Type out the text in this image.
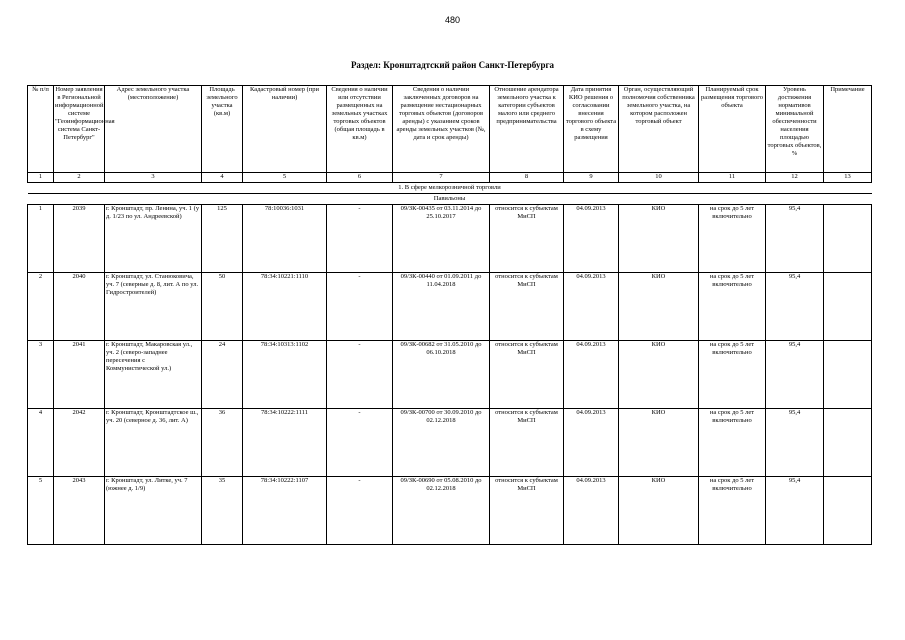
480
Раздел: Кронштадтский район Санкт-Петербурга
№ п/п	Номер заявления в Региональной информационной системе "Геоинформационная система Санкт-Петербург"	Адрес земельного участка (местоположение)	Площадь земельного участка (кв.м)	Кадастровый номер (при наличии)	Сведения о наличии или отсутствии размещенных на земельных участках торговых объектов (общая площадь в кв.м)	Сведения о наличии заключенных договоров на размещение нестационарных торговых объектов (договоров аренды) с указанием сроков аренды земельных участков (№, дата и срок аренды)	Отношение арендатора земельного участка к категории субъектов малого или среднего предпринимательства	Дата принятия КИО решения о согласовании внесения торгового объекта в схему размещения	Орган, осуществляющий полномочия собственника земельного участка, на котором расположен торговый объект	Планируемый срок размещения торгового объекта	Уровень достижения нормативов минимальной обеспеченности населения площадью торговых объектов, %	Примечание
1	2	3	4	5	6	7	8	9	10	11	12	13
1. В сфере мелкорозничной торговли												
Павильоны												
1	2039	г. Кронштадт, пр. Ленина, уч. 1 (у д. 1/23 по ул. Андреевской)	125	78:10036:1031	-	09/ЗК-00435 от 03.11.2014 до 25.10.2017	относится к субъектам МиСП	04.09.2013	КИО	на срок до 5 лет включительно	95,4	
2	2040	г. Кронштадт, ул. Станюковича, уч. 7 (северные д. 8, лит. А по ул. Гидростроителей)	50	78:34:10221:1110	-	09/ЗК-00440 от 01.09.2011 до 11.04.2018	относится к субъектам МиСП	04.09.2013	КИО	на срок до 5 лет включительно	95,4	
3	2041	г. Кронштадт, Макаровская ул., уч. 2 (северо-западнее пересечения с Коммунистической ул.)	24	78:34:10313:1102	-	09/ЗК-00682 от 31.05.2010 до 06.10.2018	относится к субъектам МиСП	04.09.2013	КИО	на срок до 5 лет включительно	95,4	
4	2042	г. Кронштадт, Кронштадтское ш., уч. 20 (северное д. 36, лит. А)	36	78:34:10222:1111	-	09/ЗК-00700 от 30.09.2010 до 02.12.2018	относится к субъектам МиСП	04.09.2013	КИО	на срок до 5 лет включительно	95,4	
5	2043	г. Кронштадт, ул. Литке, уч. 7 (южнее д. 1/9)	35	78:34:10222:1107	-	09/ЗК-00690 от 05.08.2010 до 02.12.2018	относится к субъектам МиСП	04.09.2013	КИО	на срок до 5 лет включительно	95,4	
